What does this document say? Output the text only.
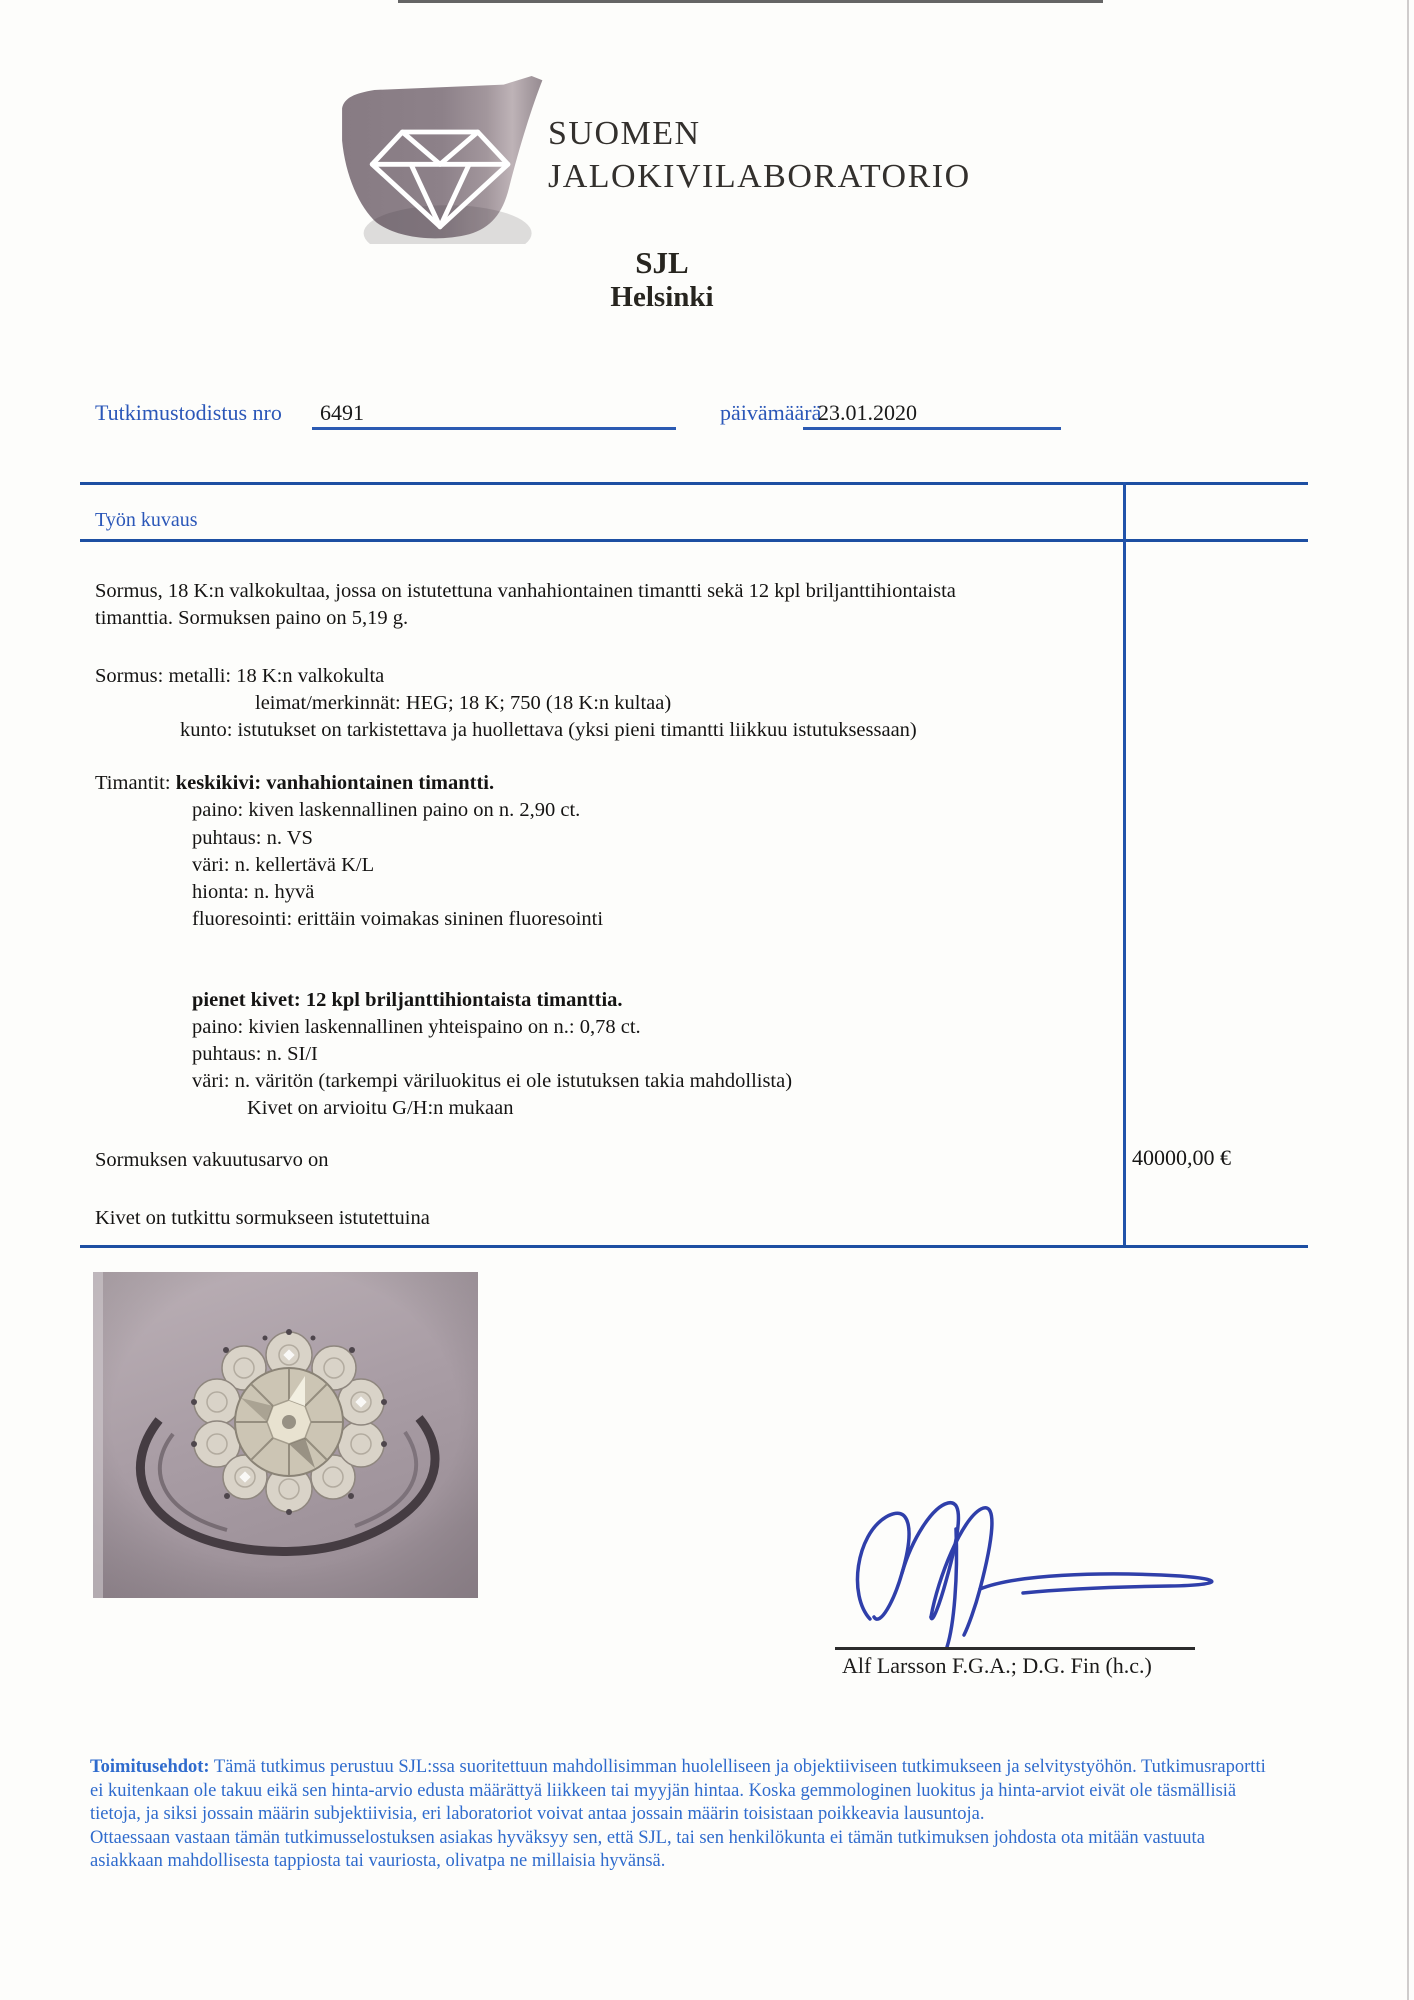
SUOMEN
JALOKIVILABORATORIO
SJL
Helsinki
Tutkimustodistus nro 6491	päivämäärä
23.01.2020
Työn kuvaus
Sormus, 18 K:n valkokultaa, jossa on istutettuna vanhahiontainen timantti sekä 12 kpl briljanttihiontaista
timanttia. Sormuksen paino on 5,19 g.
Sormus: metalli: 18 K:n valkokulta
leimat/merkinnät: HEG; 18 K; 750 (18 K:n kultaa)
kunto: istutukset on tarkistettava ja huollettava (yksi pieni timantti liikkuu istutuksessaan)
Timantit: keskikivi: vanhahiontainen timantti.
paino: kiven laskennallinen paino on n. 2,90 ct.
puhtaus: n. VS
väri: n. kellertävä K/L
hionta: n. hyvä
fluoresointi: erittäin voimakas sininen fluoresointi
pienet kivet: 12 kpl briljanttihiontaista timanttia.
paino: kivien laskennallinen yhteispaino on n.: 0,78 ct.
puhtaus: n. SI/I
väri: n. väritön (tarkempi väriluokitus ei ole istutuksen takia mahdollista)
Kivet on arvioitu G/H:n mukaan
Sormuksen vakuutusarvo on
Kivet on tutkittu sormukseen istutettuina
40000,00 €
Alf Larsson F.G.A.; D.G. Fin (h.c.)
Toimitusehdot: Tämä tutkimus perustuu SJL:ssa suoritettuun mahdollisimman huolelliseen ja objektiiviseen tutkimukseen ja selvitystyöhön. Tutkimusraportti
ei kuitenkaan ole takuu eikä sen hinta-arvio edusta määrättyä liikkeen tai myyjän hintaa. Koska gemmologinen luokitus ja hinta-arviot eivät ole täsmällisiä
tietoja, ja siksi jossain määrin subjektiivisia, eri laboratoriot voivat antaa jossain määrin toisistaan poikkeavia lausuntoja.
Ottaessaan vastaan tämän tutkimusselostuksen asiakas hyväksyy sen, että SJL, tai sen henkilökunta ei tämän tutkimuksen johdosta ota mitään vastuuta
asiakkaan mahdollisesta tappiosta tai vauriosta, olivatpa ne millaisia hyvänsä.
